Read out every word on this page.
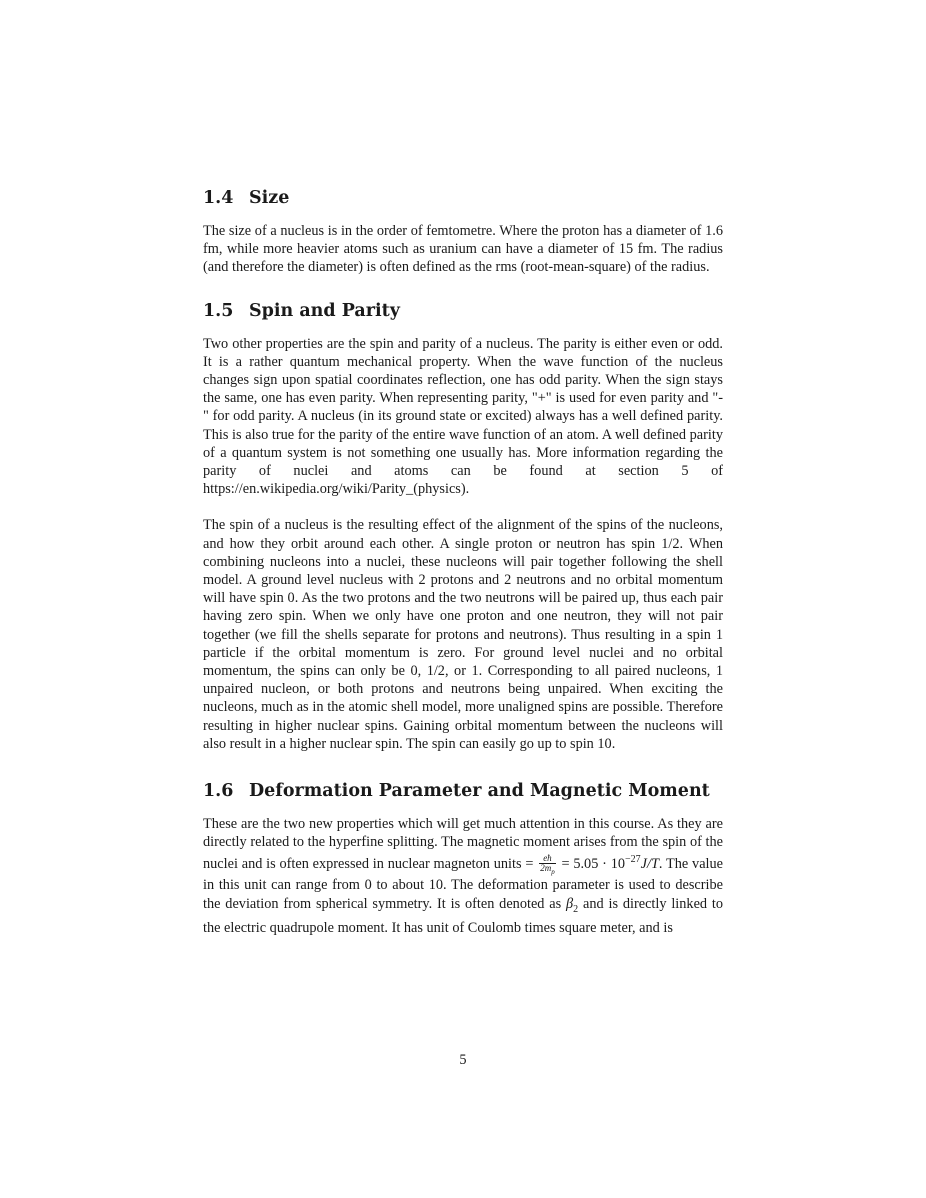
1.4 Size

The size of a nucleus is in the order of femtometre. Where the proton has a diameter of 1.6 fm, while more heavier atoms such as uranium can have a diameter of 15 fm. The radius (and therefore the diameter) is often defined as the rms (root-mean-square) of the radius.

1.5 Spin and Parity

Two other properties are the spin and parity of a nucleus. The parity is either even or odd. It is a rather quantum mechanical property. When the wave function of the nucleus changes sign upon spatial coordinates reflection, one has odd parity. When the sign stays the same, one has even parity. When representing parity, "+" is used for even parity and "-" for odd parity. A nucleus (in its ground state or excited) always has a well defined parity. This is also true for the parity of the entire wave function of an atom. A well defined parity of a quantum system is not something one usually has. More information regarding the parity of nuclei and atoms can be found at section 5 of https://en.wikipedia.org/wiki/Parity_(physics).

The spin of a nucleus is the resulting effect of the alignment of the spins of the nucleons, and how they orbit around each other. A single proton or neutron has spin 1/2. When combining nucleons into a nuclei, these nucleons will pair together following the shell model. A ground level nucleus with 2 protons and 2 neutrons and no orbital momentum will have spin 0. As the two protons and the two neutrons will be paired up, thus each pair having zero spin. When we only have one proton and one neutron, they will not pair together (we fill the shells separate for protons and neutrons). Thus resulting in a spin 1 particle if the orbital momentum is zero. For ground level nuclei and no orbital momentum, the spins can only be 0, 1/2, or 1. Corresponding to all paired nucleons, 1 unpaired nucleon, or both protons and neutrons being unpaired. When exciting the nucleons, much as in the atomic shell model, more unaligned spins are possible. Therefore resulting in higher nuclear spins. Gaining orbital momentum between the nucleons will also result in a higher nuclear spin. The spin can easily go up to spin 10.

1.6 Deformation Parameter and Magnetic Moment

These are the two new properties which will get much attention in this course. As they are directly related to the hyperfine splitting. The magnetic moment arises from the spin of the nuclei and is often expressed in nuclear magneton units = $\frac{eħ}{2m_p} = 5.05 \cdot 10^{-27}J/T$. The value in this unit can range from 0 to about 10. The deformation parameter is used to describe the deviation from spherical symmetry. It is often denoted as $\beta_2$ and is directly linked to the electric quadrupole moment. It has unit of Coulomb times square meter, and is

5
